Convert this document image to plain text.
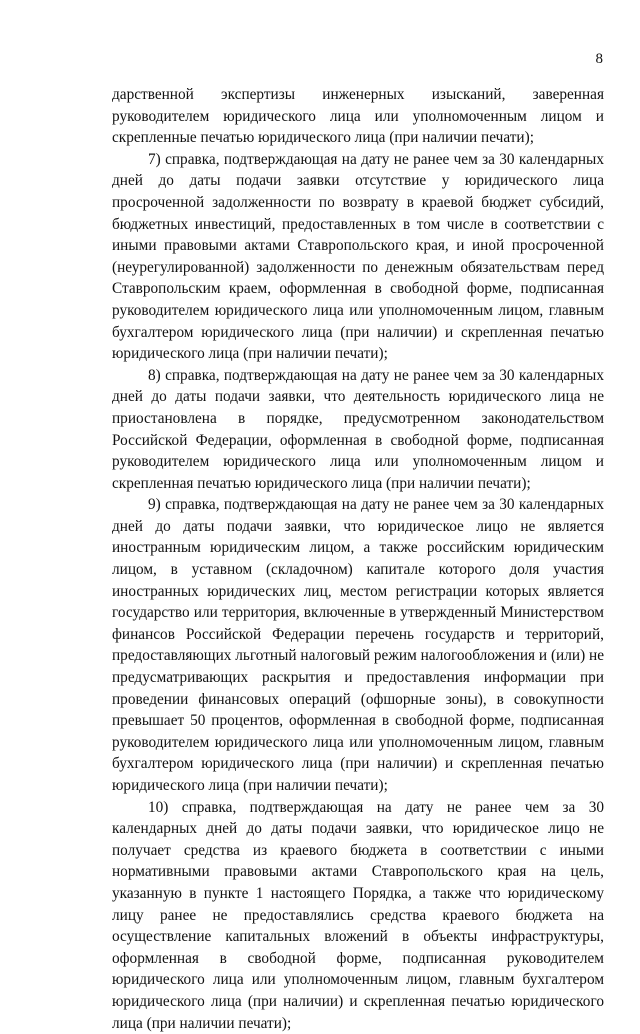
8

дарственной экспертизы инженерных изысканий, заверенная руководителем юридического лица или уполномоченным лицом и скрепленные печатью юридического лица (при наличии печати);

7) справка, подтверждающая на дату не ранее чем за 30 календарных дней до даты подачи заявки отсутствие у юридического лица просроченной задолженности по возврату в краевой бюджет субсидий, бюджетных инвестиций, предоставленных в том числе в соответствии с иными правовыми актами Ставропольского края, и иной просроченной (неурегулированной) задолженности по денежным обязательствам перед Ставропольским краем, оформленная в свободной форме, подписанная руководителем юридического лица или уполномоченным лицом, главным бухгалтером юридического лица (при наличии) и скрепленная печатью юридического лица (при наличии печати);

8) справка, подтверждающая на дату не ранее чем за 30 календарных дней до даты подачи заявки, что деятельность юридического лица не приостановлена в порядке, предусмотренном законодательством Российской Федерации, оформленная в свободной форме, подписанная руководителем юридического лица или уполномоченным лицом и скрепленная печатью юридического лица (при наличии печати);

9) справка, подтверждающая на дату не ранее чем за 30 календарных дней до даты подачи заявки, что юридическое лицо не является иностранным юридическим лицом, а также российским юридическим лицом, в уставном (складочном) капитале которого доля участия иностранных юридических лиц, местом регистрации которых является государство или территория, включенные в утвержденный Министерством финансов Российской Федерации перечень государств и территорий, предоставляющих льготный налоговый режим налогообложения и (или) не предусматривающих раскрытия и предоставления информации при проведении финансовых операций (офшорные зоны), в совокупности превышает 50 процентов, оформленная в свободной форме, подписанная руководителем юридического лица или уполномоченным лицом, главным бухгалтером юридического лица (при наличии) и скрепленная печатью юридического лица (при наличии печати);

10) справка, подтверждающая на дату не ранее чем за 30 календарных дней до даты подачи заявки, что юридическое лицо не получает средства из краевого бюджета в соответствии с иными нормативными правовыми актами Ставропольского края на цель, указанную в пункте 1 настоящего Порядка, а также что юридическому лицу ранее не предоставлялись средства краевого бюджета на осуществление капитальных вложений в объекты инфраструктуры, оформленная в свободной форме, подписанная руководителем юридического лица или уполномоченным лицом, главным бухгалтером юридического лица (при наличии) и скрепленная печатью юридического лица (при наличии печати);
